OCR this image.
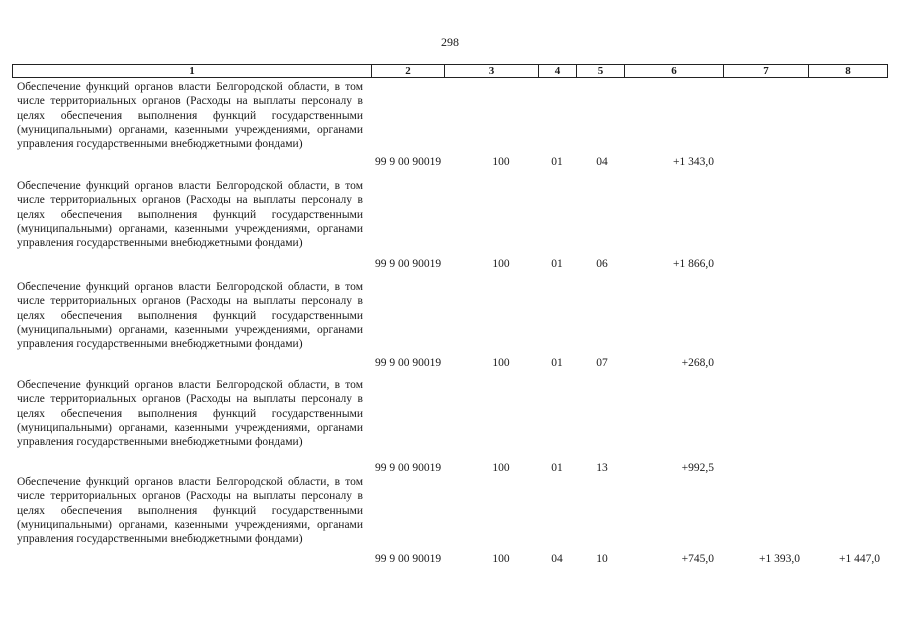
298
1	2	3	4	5	6	7	8
Обеспечение функций органов власти Белгородской области, в том числе территориальных органов (Расходы на выплаты персоналу в целях обеспечения выполнения функций государственными (муниципальными) органами, казенными учреждениями, органами управления государственными внебюджетными фондами)
99 9 00 90019	100	01	04	+1 343,0
Обеспечение функций органов власти Белгородской области, в том числе территориальных органов (Расходы на выплаты персоналу в целях обеспечения выполнения функций государственными (муниципальными) органами, казенными учреждениями, органами управления государственными внебюджетными фондами)
99 9 00 90019	100	01	06	+1 866,0
Обеспечение функций органов власти Белгородской области, в том числе территориальных органов (Расходы на выплаты персоналу в целях обеспечения выполнения функций государственными (муниципальными) органами, казенными учреждениями, органами управления государственными внебюджетными фондами)
99 9 00 90019	100	01	07	+268,0
Обеспечение функций органов власти Белгородской области, в том числе территориальных органов (Расходы на выплаты персоналу в целях обеспечения выполнения функций государственными (муниципальными) органами, казенными учреждениями, органами управления государственными внебюджетными фондами)
99 9 00 90019	100	01	13	+992,5
Обеспечение функций органов власти Белгородской области, в том числе территориальных органов (Расходы на выплаты персоналу в целях обеспечения выполнения функций государственными (муниципальными) органами, казенными учреждениями, органами управления государственными внебюджетными фондами)
99 9 00 90019	100	04	10	+745,0	+1 393,0	+1 447,0
